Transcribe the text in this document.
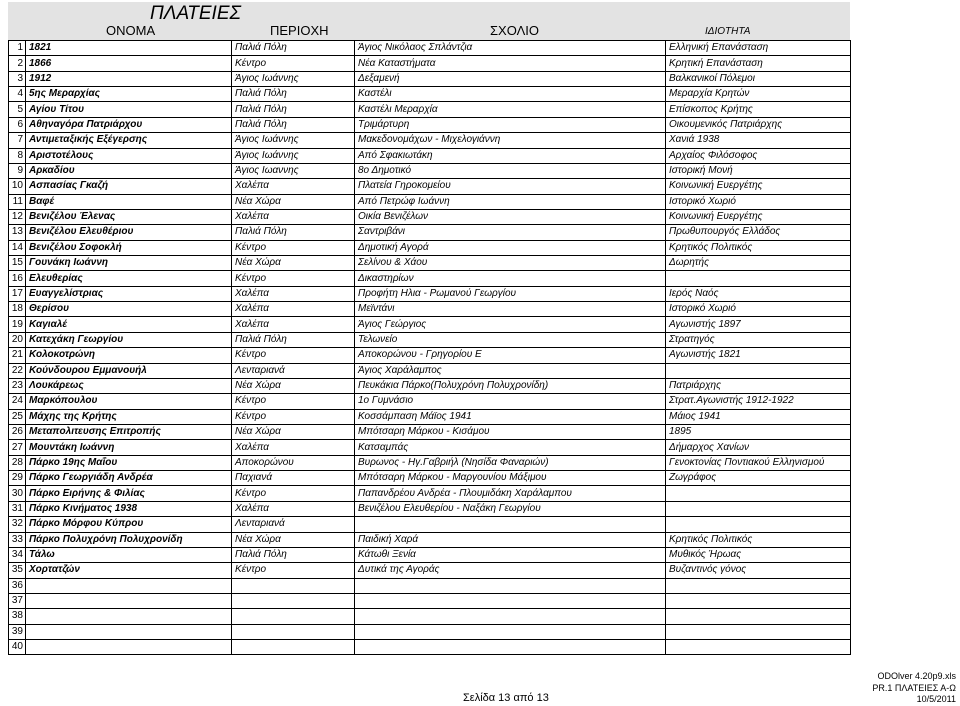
ΠΛΑΤΕΙΕΣ
ΟΝΟΜΑ	ΠΕΡΙΟΧΗ	ΣΧΟΛΙΟ	ΙΔΙΟΤΗΤΑ
1	1821	Παλιά Πόλη	Άγιος Νικόλαος Σπλάντζια	Ελληνική Επανάσταση
2	1866	Κέντρο	Νέα Καταστήματα	Κρητική Επανάσταση
3	1912	Άγιος Ιωάννης	Δεξαμενή	Βαλκανικοί Πόλεμοι
4	5ης Μεραρχίας	Παλιά Πόλη	Καστέλι	Μεραρχία Κρητών
5	Αγίου Τίτου	Παλιά Πόλη	Καστέλι Μεραρχία	Επίσκοπος Κρήτης
6	Αθηναγόρα Πατριάρχου	Παλιά Πόλη	Τριμάρτυρη	Οικουμενικός Πατριάρχης
7	Αντιμεταξικής Εξέγερσης	Άγιος Ιωάννης	Μακεδονομάχων - Μιχελογιάννη	Χανιά 1938
8	Αριστοτέλους	Άγιος Ιωάννης	Από Σφακιωτάκη	Αρχαίος Φιλόσοφος
9	Αρκαδίου	Άγιος Ιωαννης	8ο Δημοτικό	Ιστορική Μονή
10	Ασπασίας Γκαζή	Χαλέπα	Πλατεία Γηροκομείου	Κοινωνική Ευεργέτης
11	Βαφέ	Νέα Χώρα	Από Πετρώφ Ιωάννη	Ιστορικό Χωριό
12	Βενιζέλου Έλενας	Χαλέπα	Οικία Βενιζέλων	Κοινωνική Ευεργέτης
13	Βενιζέλου Ελευθέριου	Παλιά Πόλη	Σαντριβάνι	Πρωθυπουργός Ελλάδος
14	Βενιζέλου Σοφοκλή	Κέντρο	Δημοτική Αγορά	Κρητικός Πολιτικός
15	Γουνάκη Ιωάννη	Νέα Χώρα	Σελίνου & Χάου	Δωρητής
16	Ελευθερίας	Κέντρο	Δικαστηρίων	
17	Ευαγγελίστριας	Χαλέπα	Προφήτη Ηλια - Ρωμανού Γεωργίου	Ιερός Ναός
18	Θερίσου	Χαλέπα	Μεϊντάνι	Ιστορικό Χωριό
19	Καγιαλέ	Χαλέπα	Άγιος Γεώργιος	Αγωνιστής 1897
20	Κατεχάκη Γεωργίου	Παλιά Πόλη	Τελωνείο	Στρατηγός
21	Κολοκοτρώνη	Κέντρο	Αποκορώνου - Γρηγορίου Ε	Αγωνιστής 1821
22	Κούνδουρου Εμμανουήλ	Λενταριανά	Άγιος Χαράλαμπος	
23	Λουκάρεως	Νέα Χώρα	Πευκάκια Πάρκο(Πολυχρόνη Πολυχρονίδη)	Πατριάρχης
24	Μαρκόπουλου	Κέντρο	1ο Γυμνάσιο	Στρατ.Αγωνιστής 1912-1922
25	Μάχης της Κρήτης	Κέντρο	Κοσσάμπαση Μάϊος 1941	Μάιος 1941
26	Μεταπολιτευσης Επιτροπής	Νέα Χώρα	Μπότσαρη Μάρκου - Κισάμου	1895
27	Μουντάκη Ιωάννη	Χαλέπα	Κατσαμπάς	Δήμαρχος Χανίων
28	Πάρκο 19ης Μαΐου	Αποκορώνου	Βυρωνος - Ηγ.Γαβριήλ (Νησίδα Φαναριών)	Γενοκτονίας Ποντιακού Ελληνισμού
29	Πάρκο Γεωργιάδη Ανδρέα	Παχιανά	Μπότσαρη Μάρκου - Μαργουνίου Μάξιμου	Ζωγράφος
30	Πάρκο Ειρήνης & Φιλίας	Κέντρο	Παπανδρέου Ανδρέα - Πλουμιδάκη Χαράλαμπου	
31	Πάρκο Κινήματος 1938	Χαλέπα	Βενιζέλου Ελευθερίου - Ναξάκη Γεωργίου	
32	Πάρκο Μόρφου Κύπρου	Λενταριανά		
33	Πάρκο Πολυχρόνη Πολυχρονίδη	Νέα Χώρα	Παιδική Χαρά	Κρητικός Πολιτικός
34	Τάλω	Παλιά Πόλη	Κάτωθι Ξενία	Μυθικός Ήρωας
35	Χορτατζών	Κέντρο	Δυτικά της Αγοράς	Βυζαντινός γόνος
36				
37				
38				
39				
40				
Σελίδα 13 από 13
ODOlver 4.20p9.xls
PR.1 ΠΛΑΤΕΙΕΣ Α-Ω
10/5/2011
